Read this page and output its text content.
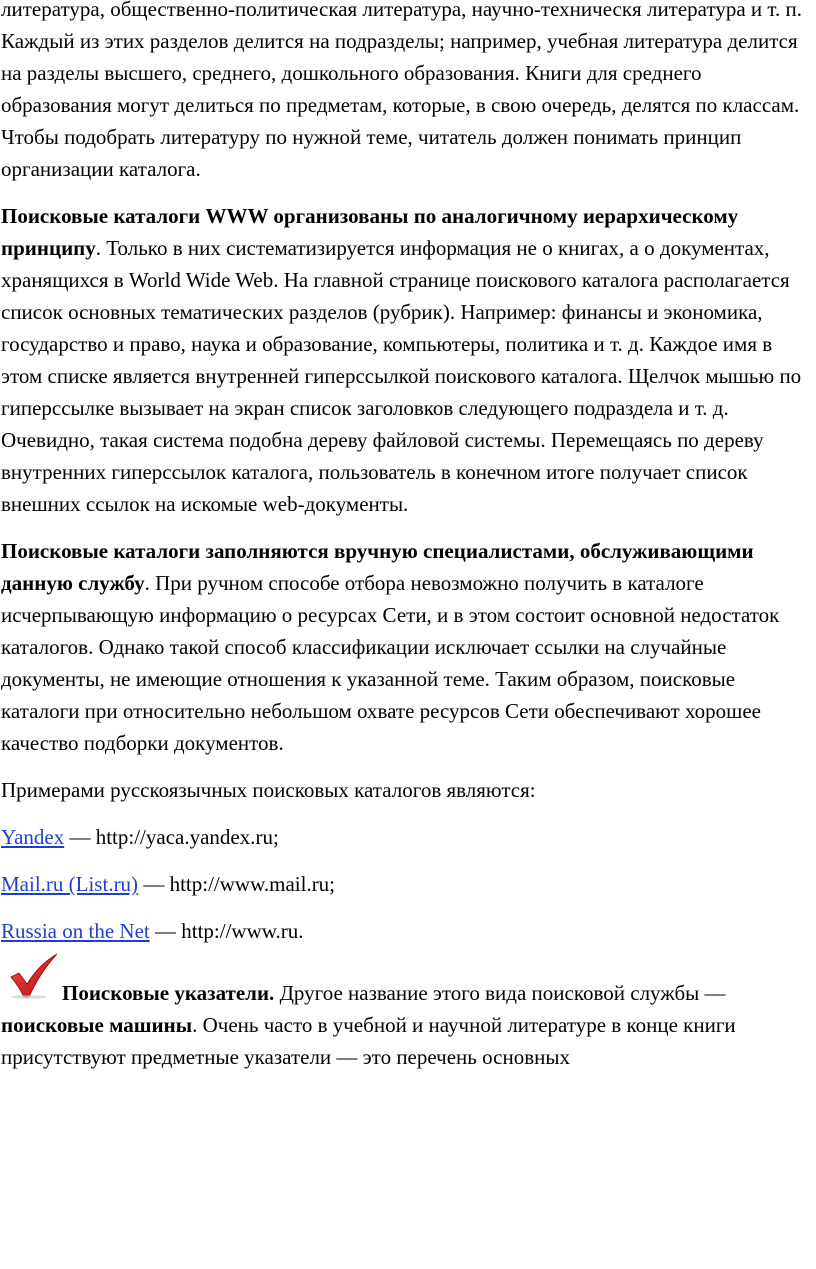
литература, общественно-политическая литература, научно-техническя литература и т. п. Каждый из этих разделов делится на подразделы; например, учебная литература делится на разделы высшего, среднего, дошкольного образования. Книги для среднего образования могут делиться по предметам, которые, в свою очередь, делятся по классам. Чтобы подобрать литературу по нужной теме, читатель должен понимать принцип организации каталога.

Поисковые каталоги WWW организованы по аналогичному иерархическому принципу. Только в них систематизируется информация не о книгах, а о документах, хранящихся в World Wide Web. На главной странице поискового каталога располагается список основных тематических разделов (рубрик). Например: финансы и экономика, государство и право, наука и образование, компьютеры, политика и т. д. Каждое имя в этом списке является внутренней гиперссылкой поискового каталога. Щелчок мышью по гиперссылке вызывает на экран список заголовков следующего подраздела и т. д. Очевидно, такая система подобна дереву файловой системы. Перемещаясь по дереву внутренних гиперссылок каталога, пользователь в конечном итоге получает список внешних ссылок на искомые web-документы.

Поисковые каталоги заполняются вручную специалистами, обслуживающими данную службу. При ручном способе отбора невозможно получить в каталоге исчерпывающую информацию о ресурсах Сети, и в этом состоит основной недостаток каталогов. Однако такой способ классификации исключает ссылки на случайные документы, не имеющие отношения к указанной теме. Таким образом, поисковые каталоги при относительно небольшом охвате ресурсов Сети обеспечивают хорошее качество подборки документов.

Примерами русскоязычных поисковых каталогов являются:

Yandex — http://yaca.yandex.ru;

Mail.ru (List.ru) — http://www.mail.ru;

Russia on the Net — http://www.ru.

Поисковые указатели. Другое название этого вида поисковой службы — поисковые машины. Очень часто в учебной и научной литературе в конце книги присутствуют предметные указатели — это перечень основных
